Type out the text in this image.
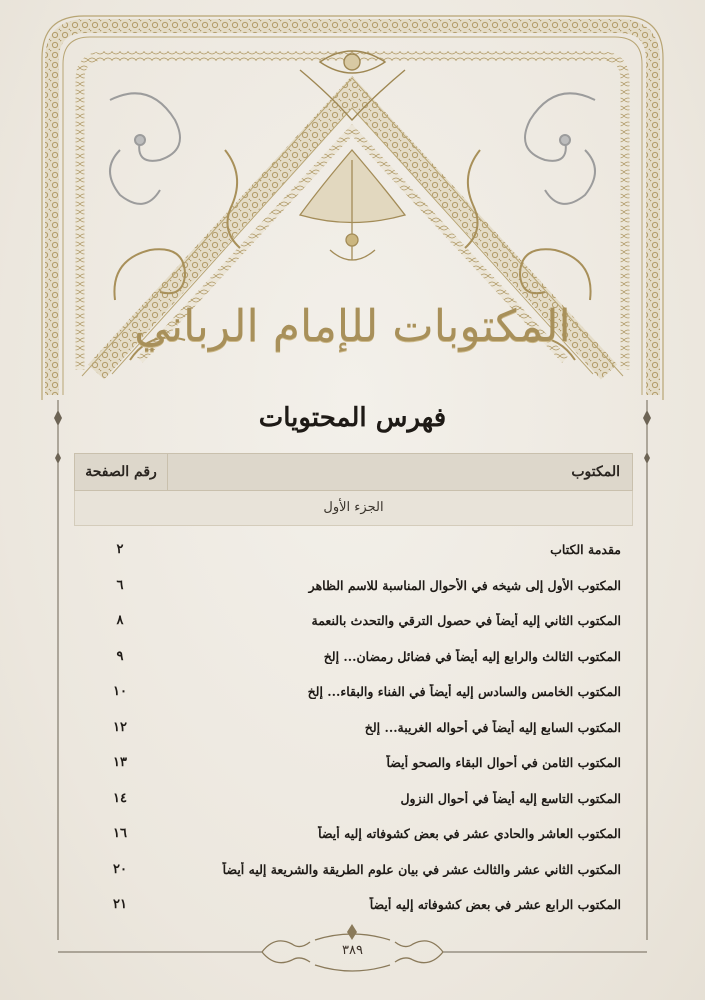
المكتوبات للإمام الرباني
فهرس المحتويات
المكتوب
رقم الصفحة
الجزء الأول
مقدمة الكتاب
٢
المكتوب الأول إلى شيخه في الأحوال المناسبة للاسم الظاهر
٦
المكتوب الثاني إليه أيضاً في حصول الترقي والتحدث بالنعمة
٨
المكتوب الثالث والرابع إليه أيضاً في فضائل رمضان... إلخ
٩
المكتوب الخامس والسادس إليه أيضاً في الفناء والبقاء... إلخ
١٠
المكتوب السابع إليه أيضاً في أحواله الغريبة... إلخ
١٢
المكتوب الثامن في أحوال البقاء والصحو أيضاً
١٣
المكتوب التاسع إليه أيضاً في أحوال النزول
١٤
المكتوب العاشر والحادي عشر في بعض كشوفاته إليه أيضاً
١٦
المكتوب الثاني عشر والثالث عشر في بيان علوم الطريقة والشريعة إليه أيضاً
٢٠
المكتوب الرابع عشر في بعض كشوفاته إليه أيضاً
٢١
٣٨٩
